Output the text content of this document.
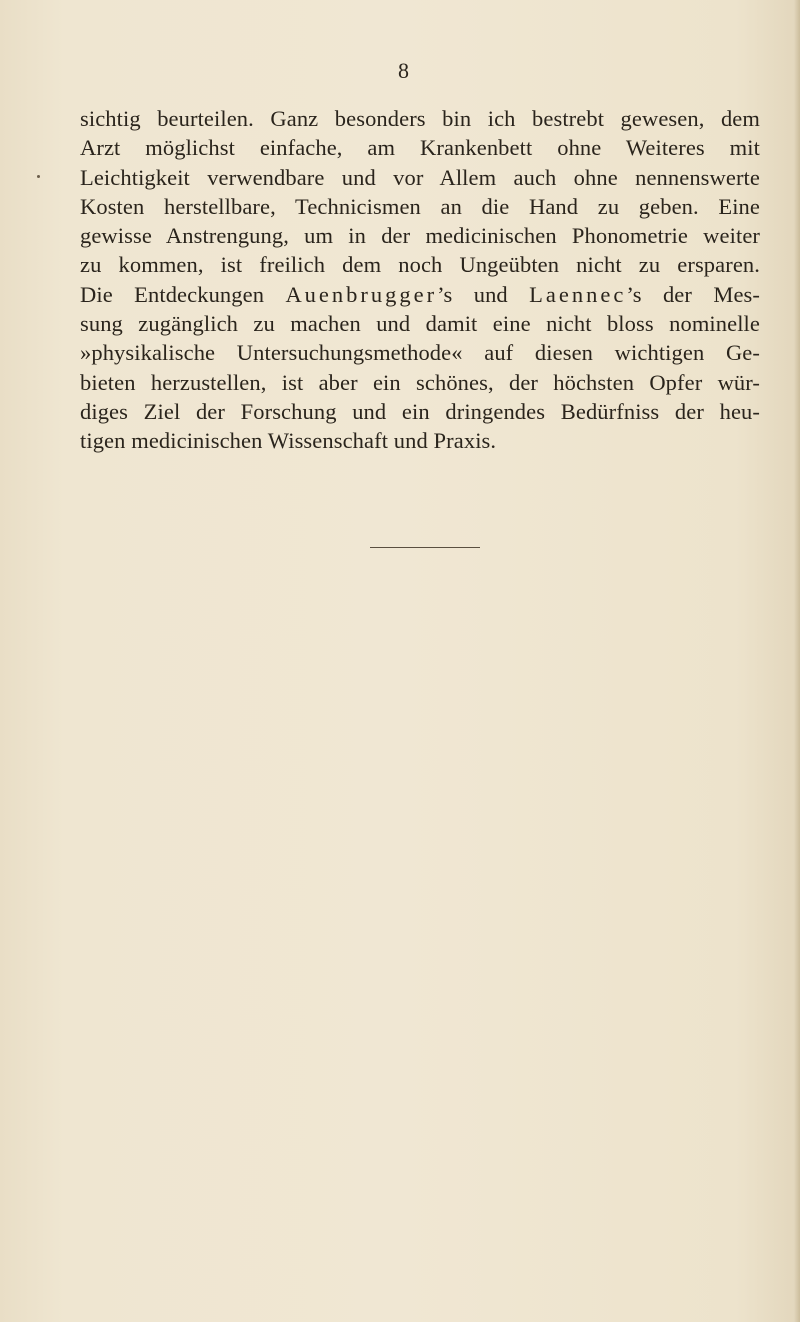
8

sichtig beurteilen. Ganz besonders bin ich bestrebt gewesen, dem
Arzt möglichst einfache, am Krankenbett ohne Weiteres mit
Leichtigkeit verwendbare und vor Allem auch ohne nennenswerte
Kosten herstellbare, Technicismen an die Hand zu geben. Eine
gewisse Anstrengung, um in der medicinischen Phonometrie weiter
zu kommen, ist freilich dem noch Ungeübten nicht zu ersparen.
Die Entdeckungen Auenbrugger’s und Laennec’s der Mes-
sung zugänglich zu machen und damit eine nicht bloss nominelle
»physikalische Untersuchungsmethode« auf diesen wichtigen Ge-
bieten herzustellen, ist aber ein schönes, der höchsten Opfer wür-
diges Ziel der Forschung und ein dringendes Bedürfniss der heu-
tigen medicinischen Wissenschaft und Praxis.
